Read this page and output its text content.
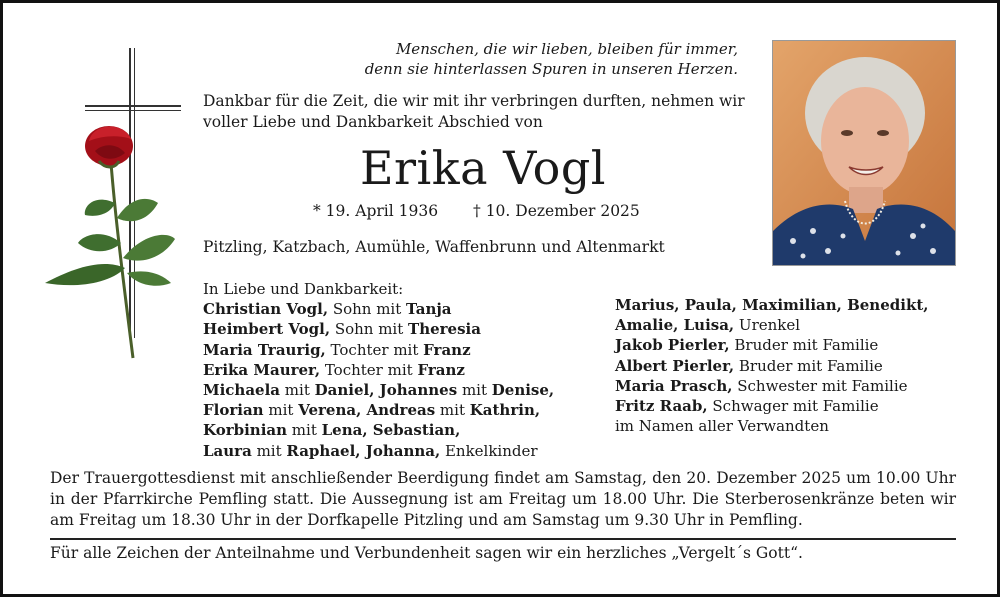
Menschen, die wir lieben, bleiben für immer,
denn sie hinterlassen Spuren in unseren Herzen.
Dankbar für die Zeit, die wir mit ihr verbringen durften, nehmen wir
voller Liebe und Dankbarkeit Abschied von
Erika Vogl
* 19. April 1936 † 10. Dezember 2025
Pitzling, Katzbach, Aumühle, Waffenbrunn und Altenmarkt
In Liebe und Dankbarkeit:
Christian Vogl, Sohn mit Tanja
Heimbert Vogl, Sohn mit Theresia
Maria Traurig, Tochter mit Franz
Erika Maurer, Tochter mit Franz
Michaela mit Daniel, Johannes mit Denise,
Florian mit Verena, Andreas mit Kathrin,
Korbinian mit Lena, Sebastian,
Laura mit Raphael, Johanna, Enkelkinder
Marius, Paula, Maximilian, Benedikt,
Amalie, Luisa, Urenkel
Jakob Pierler, Bruder mit Familie
Albert Pierler, Bruder mit Familie
Maria Prasch, Schwester mit Familie
Fritz Raab, Schwager mit Familie
im Namen aller Verwandten
Der Trauergottesdienst mit anschließender Beerdigung findet am Samstag, den 20. Dezember 2025 um 10.00 Uhr in der Pfarrkirche Pemfling statt. Die Aussegnung ist am Freitag um 18.00 Uhr. Die Sterberosenkränze beten wir am Freitag um 18.30 Uhr in der Dorfkapelle Pitzling und am Samstag um 9.30 Uhr in Pemfling.
Für alle Zeichen der Anteilnahme und Verbundenheit sagen wir ein herzliches „Vergelt´s Gott“.
